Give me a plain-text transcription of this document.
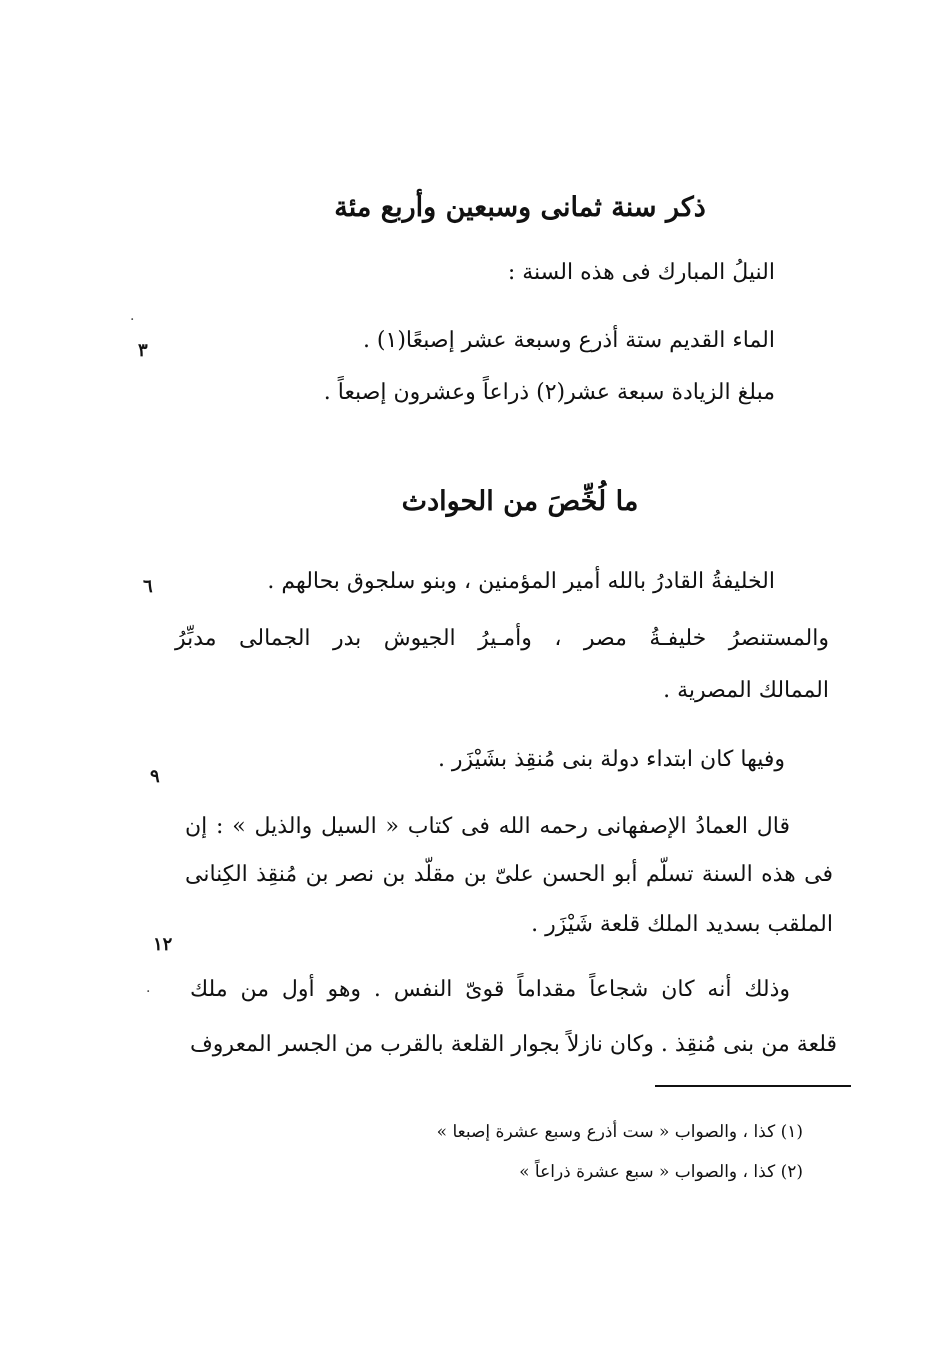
ذكر سنة ثمانى وسبعين وأربع مئة
النيلُ المبارك فى هذه السنة :
الماء القديم ستة أذرع وسبعة عشر إصبعًا(١) .
مبلغ الزيادة سبعة عشر(٢) ذراعاً وعشرون إصبعاً .
ما لُخِّصَ من الحوادث
الخليفةُ القادرُ بالله أمير المؤمنين ، وبنو سلجوق بحالهم .
والمستنصرُ خليفـةُ مصر ، وأمـيرُ الجيوش بدر الجمالى مدبِّرُ
الممالك المصرية .
وفيها كان ابتداء دولة بنى مُنقِذ بشَيْزَر .
قال العمادُ الإصفهانى رحمه الله فى كتاب « السيل والذيل » : إن
فى هذه السنة تسلّم أبو الحسن علىّ بن مقلّد بن نصر بن مُنقِذ الكِنانى
الملقب بسديد الملك قلعة شَيْزَر .
وذلك أنه كان شجاعاً مقداماً قوىّ النفس . وهو أول من ملك
قلعة من بنى مُنقِذ . وكان نازلاً بجوار القلعة بالقرب من الجسر المعروف
٣
٦
٩
١٢
·
·
(١) كذا ، والصواب « ست أذرع وسبع عشرة إصبعا »
(٢) كذا ، والصواب « سبع عشرة ذراعاً »
